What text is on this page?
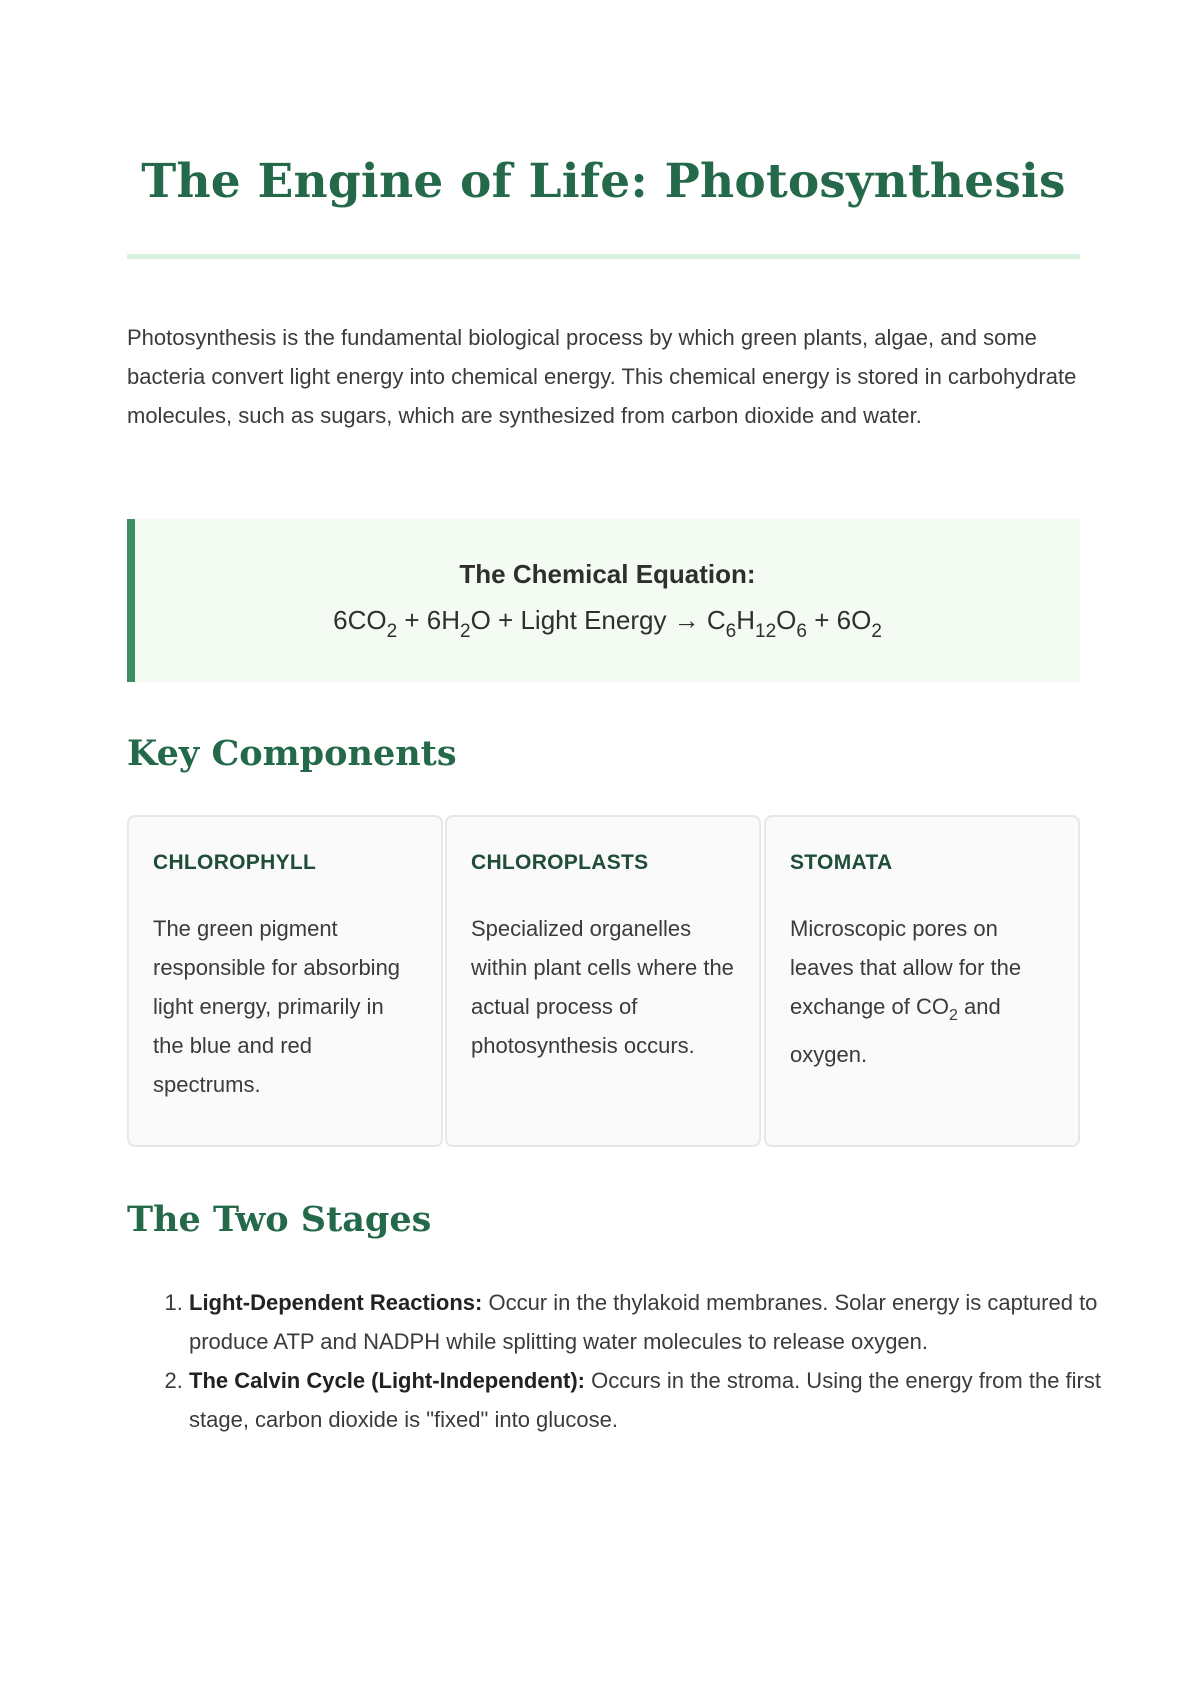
The Engine of Life: Photosynthesis

Photosynthesis is the fundamental biological process by which green plants, algae, and some bacteria convert light energy into chemical energy. This chemical energy is stored in carbohydrate molecules, such as sugars, which are synthesized from carbon dioxide and water.

The Chemical Equation:
$6CO_2 + 6H_2O$ + Light Energy → $C_6H_{12}O_6 + 6O_2$
Key Components
CHLOROPHYLL
The green pigment responsible for absorbing light energy, primarily in the blue and red spectrums.
CHLOROPLASTS
Specialized organelles within plant cells where the actual process of photosynthesis occurs.
STOMATA
Microscopic pores on leaves that allow for the exchange of $CO_2$ and oxygen.
The Two Stages
1. Light-Dependent Reactions: Occur in the thylakoid membranes. Solar energy is captured to produce ATP and NADPH while splitting water molecules to release oxygen.
2. The Calvin Cycle (Light-Independent): Occurs in the stroma. Using the energy from the first stage, carbon dioxide is "fixed" into glucose.
